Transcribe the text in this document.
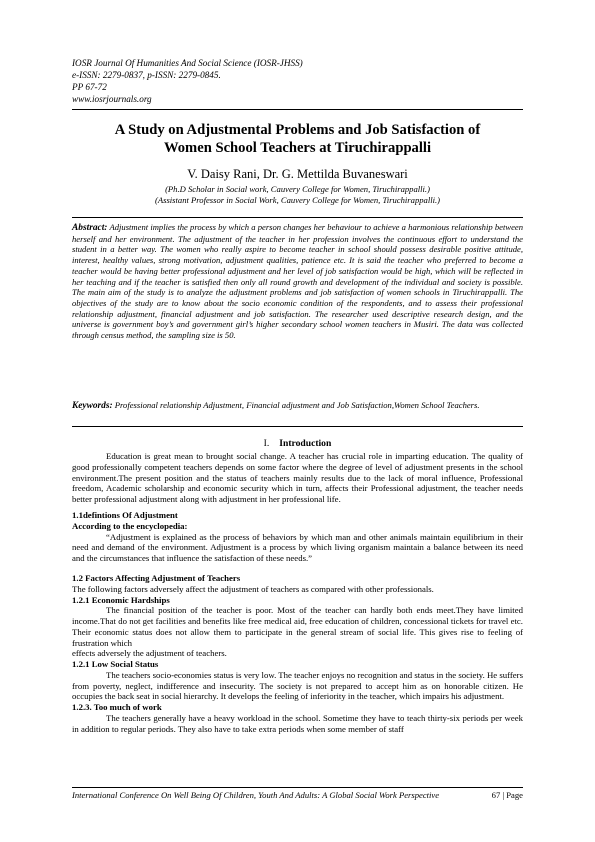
IOSR Journal Of Humanities And Social Science (IOSR-JHSS)
e-ISSN: 2279-0837, p-ISSN: 2279-0845.
PP 67-72
www.iosrjournals.org
A Study on Adjustmental Problems and Job Satisfaction of
Women School Teachers at Tiruchirappalli
V. Daisy Rani, Dr. G. Mettilda Buvaneswari
(Ph.D Scholar in Social work, Cauvery College for Women, Tiruchirappalli.)
(Assistant Professor in Social Work, Cauvery College for Women, Tiruchirappalli.)
Abstract: Adjustment implies the process by which a person changes her behaviour to achieve a harmonious relationship between herself and her environment. The adjustment of the teacher in her profession involves the continuous effort to understand the student in a better way. The women who really aspire to become teacher in school should possess desirable positive attitude, interest, healthy values, strong motivation, adjustment qualities, patience etc. It is said the teacher who preferred to become a teacher would be having better professional adjustment and her level of job satisfaction would be high, which will be reflected in her teaching and if the teacher is satisfied then only all round growth and development of the individual and society is possible. The main aim of the study is to analyze the adjustment problems and job satisfaction of women schools in Tiruchirappalli. The objectives of the study are to know about the socio economic condition of the respondents, and to assess their professional relationship adjustment, financial adjustment and job satisfaction. The researcher used descriptive research design, and the universe is government boy’s and government girl’s higher secondary school women teachers in Musiri. The data was collected through census method, the sampling size is 50.
Keywords: Professional relationship Adjustment, Financial adjustment and Job Satisfaction,Women School Teachers.
I. Introduction

Education is great mean to brought social change. A teacher has crucial role in imparting education. The quality of good professionally competent teachers depends on some factor where the degree of level of adjustment presents in the school environment.The present position and the status of teachers mainly results due to the lack of moral influence, Professional freedom, Academic scholarship and economic security which in turn, affects their Professional adjustment, the teacher needs better professional adjustment along with adjustment in her professional life.

1.1defintions Of Adjustment

According to the encyclopedia:

“Adjustment is explained as the process of behaviors by which man and other animals maintain equilibrium in their need and demand of the environment. Adjustment is a process by which living organism maintain a balance between its need and the circumstances that influence the satisfaction of these needs.”

1.2 Factors Affecting Adjustment of Teachers

The following factors adversely affect the adjustment of teachers as compared with other professionals.

1.2.1 Economic Hardships

The financial position of the teacher is poor. Most of the teacher can hardly both ends meet.They have limited income.That do not get facilities and benefits like free medical aid, free education of children, concessional tickets for travel etc. Their economic status does not allow them to participate in the general stream of social life. This gives rise to feeling of frustration which

effects adversely the adjustment of teachers.

1.2.1 Low Social Status

The teachers socio-economies status is very low. The teacher enjoys no recognition and status in the society. He suffers from poverty, neglect, indifference and insecurity. The society is not prepared to accept him as on honorable citizen. He occupies the back seat in social hierarchy. It develops the feeling of inferiority in the teacher, which impairs his adjustment.

1.2.3. Too much of work

The teachers generally have a heavy workload in the school. Sometime they have to teach thirty-six periods per week in addition to regular periods. They also have to take extra periods when some member of staff

International Conference On Well Being Of Children, Youth And Adults: A Global Social Work Perspective	67 | Page
